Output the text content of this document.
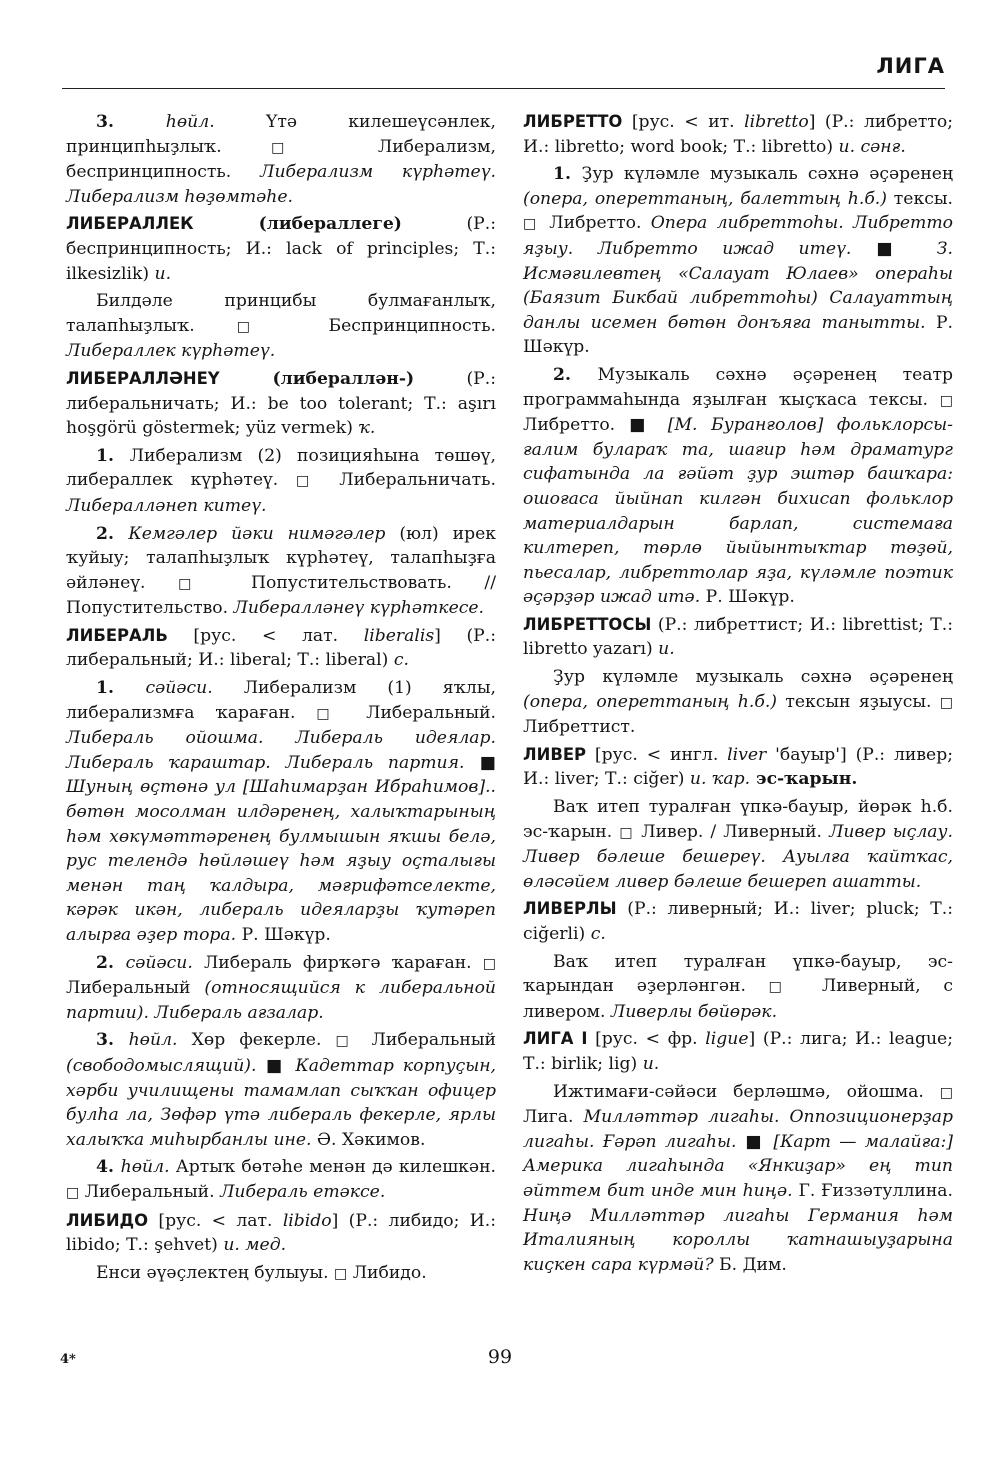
ЛИГА

3. һөйл. Үтә килешеүсәнлек, принципһыҙлыҡ. □ Либерализм, беспринципность. Либерализм күрһәтеү. Либерализм һөҙөмтәһе.

ЛИБЕРАЛЛЕК (либераллеге) (Р.: беспринципность; И.: lack of principles; Т.: ilkesizlik) и.

Билдәле принцибы булмағанлыҡ, талапһыҙлыҡ. □ Беспринципность. Либераллек күрһәтеү.

ЛИБЕРАЛЛӘНЕҮ (либераллән-) (Р.: либеральничать; И.: be too tolerant; Т.: aşırı hoşgörü göstermek; yüz vermek) ҡ.

1. Либерализм (2) позицияһына төшөү, либераллек күрһәтеү. □ Либеральничать. Либералләнеп китеү.

2. Кемгәлер йәки нимәгәлер (юл) ирек ҡуйыу; талапһыҙлыҡ күрһәтеү, талапһыҙға әйләнеү. □ Попустительствовать. // Попустительство. Либералләнеү күрһәткесе.

ЛИБЕРАЛЬ [рус. < лат. liberalis] (Р.: либеральный; И.: liberal; Т.: liberal) с.

1. сәйәси. Либерализм (1) яҡлы, либерализмға ҡараған. □ Либеральный. Либераль ойошма. Либераль идеялар. Либераль ҡараштар. Либераль партия. ■ Шуның өҫтөнә ул [Шаһимарҙан Ибраһимов].. бөтөн мосолман илдәренең, халыҡтарының һәм хөкүмәттәренең булмышын яҡшы белә, рус телендә һөйләшеү һәм яҙыу оҫталығы менән таң ҡалдыра, мәғрифәтселекте, кәрәк икән, либераль идеяларҙы ҡутәреп алырға әҙер тора. Р. Шәкүр.

2. сәйәси. Либераль фирҡәгә ҡараған. □ Либеральный (относящийся к либеральной партии). Либераль ағзалар.

3. һөйл. Хөр фекерле. □ Либеральный (свободомыслящий). ■ Кадеттар корпуҫын, хәрби училищены тамамлап сыҡҡан офицер булһа ла, Зөфәр үтә либераль фекерле, ярлы халыҡҡа миһырбанлы ине. Ә. Хәкимов.

4. һөйл. Артыҡ бөтәһе менән дә килешкән. □ Либеральный. Либераль етәксе.

ЛИБИДО [рус. < лат. libido] (Р.: либидо; И.: libido; Т.: şehvet) и. мед.

Енси әүәҫлектең булыуы. □ Либидо.

ЛИБРЕТТО [рус. < ит. libretto] (Р.: либретто; И.: libretto; word book; Т.: libretto) и. сәнғ.

1. Ҙур күләмле музыкаль сәхнә әҫәренең (опера, опереттаның, балеттың һ.б.) тексы. □ Либретто. Опера либреттоһы. Либретто яҙыу. Либретто ижад итеү. ■ З. Исмәғилевтең «Салауат Юлаев» операһы (Баязит Бикбай либреттоһы) Салауаттың данлы исемен бөтөн донъяға танытты. Р. Шәкүр.

2. Музыкаль сәхнә әҫәренең театр программаһында яҙылған ҡыҫҡаса тексы. □ Либретто. ■ [М. Буранғолов] фольклорсы-ғалим булараҡ та, шағир һәм драматург сифатында ла ғәйәт ҙур эштәр башҡара: ошоғаса йыйнап килгән бихисап фольклор материалдарын барлап, системаға килтереп, төрлө йыйынтыҡтар төҙөй, пьесалар, либреттолар яҙа, күләмле поэтик әҫәрҙәр ижад итә. Р. Шәкүр.

ЛИБРЕТТОСЫ (Р.: либреттист; И.: librettist; Т.: libretto yazarı) и.

Ҙур күләмле музыкаль сәхнә әҫәренең (опера, опереттаның һ.б.) тексын яҙыусы. □ Либреттист.

ЛИВЕР [рус. < ингл. liver 'бауыр'] (Р.: ливер; И.: liver; Т.: ciğer) и. ҡар. эс-ҡарын.

Ваҡ итеп туралған үпкә-бауыр, йөрәк һ.б. эс-ҡарын. □ Ливер. / Ливерный. Ливер ыҫлау. Ливер бәлеше бешереү. Ауылға ҡайтҡас, өләсәйем ливер бәлеше бешереп ашатты.

ЛИВЕРЛЫ (Р.: ливерный; И.: liver; pluck; Т.: ciğerli) с.

Ваҡ итеп туралған үпкә-бауыр, эс-ҡарындан әҙерләнгән. □ Ливерный, с ливером. Ливерлы бөйөрәк.

ЛИГА I [рус. < фр. ligue] (Р.: лига; И.: league; Т.: birlik; lig) и.

Ижтимағи-сәйәси берләшмә, ойошма. □ Лига. Милләттәр лигаһы. Оппозиционерҙар лигаһы. Ғәрәп лигаһы. ■ [Карт — малайға:] Америка лигаһында «Янкиҙар» ең тип әйттем бит инде мин һиңә. Г. Ғиззәтуллина. Ниңә Милләттәр лигаһы Германия һәм Италияның короллы ҡатнашыуҙарына киҫкен сара күрмәй? Б. Дим.

4*	99
